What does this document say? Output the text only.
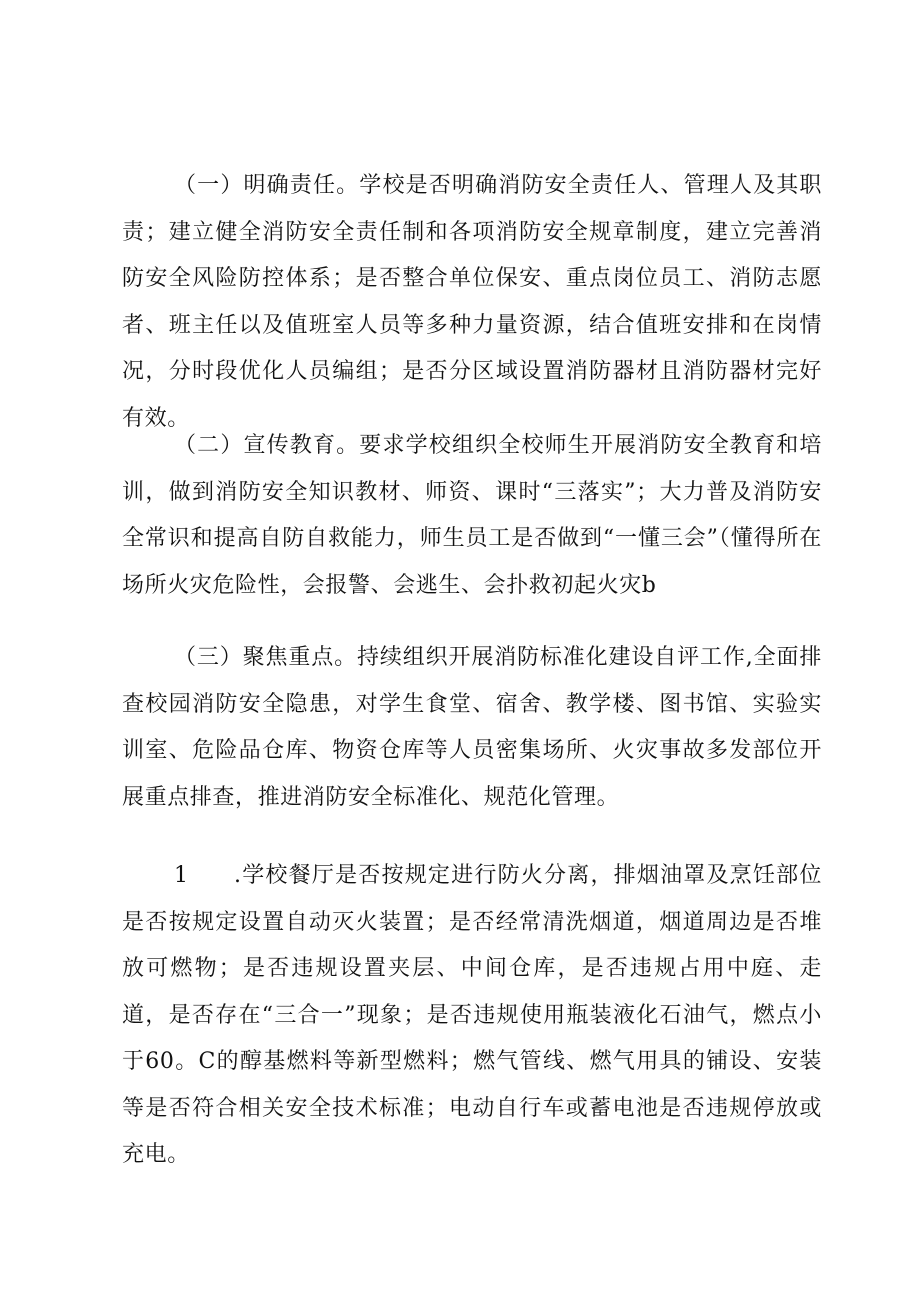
（一）明确责任。学校是否明确消防安全责任人、管理人及其职责；建立健全消防安全责任制和各项消防安全规章制度，建立完善消防安全风险防控体系；是否整合单位保安、重点岗位员工、消防志愿者、班主任以及值班室人员等多种力量资源，结合值班安排和在岗情况，分时段优化人员编组；是否分区域设置消防器材且消防器材完好有效。

（二）宣传教育。要求学校组织全校师生开展消防安全教育和培训，做到消防安全知识教材、师资、课时“三落实”；大力普及消防安全常识和提高自防自救能力，师生员工是否做到“一懂三会”（懂得所在场所火灾危险性，会报警、会逃生、会扑救初起火灾b

（三）聚焦重点。持续组织开展消防标准化建设自评工作,全面排查校园消防安全隐患，对学生食堂、宿舍、教学楼、图书馆、实验实训室、危险品仓库、物资仓库等人员密集场所、火灾事故多发部位开展重点排查，推进消防安全标准化、规范化管理。

1 .学校餐厅是否按规定进行防火分离，排烟油罩及烹饪部位是否按规定设置自动灭火装置；是否经常清洗烟道，烟道周边是否堆放可燃物；是否违规设置夹层、中间仓库，是否违规占用中庭、走道，是否存在“三合一”现象；是否违规使用瓶装液化石油气，燃点小于60。C的醇基燃料等新型燃料；燃气管线、燃气用具的铺设、安装等是否符合相关安全技术标准；电动自行车或蓄电池是否违规停放或充电。
